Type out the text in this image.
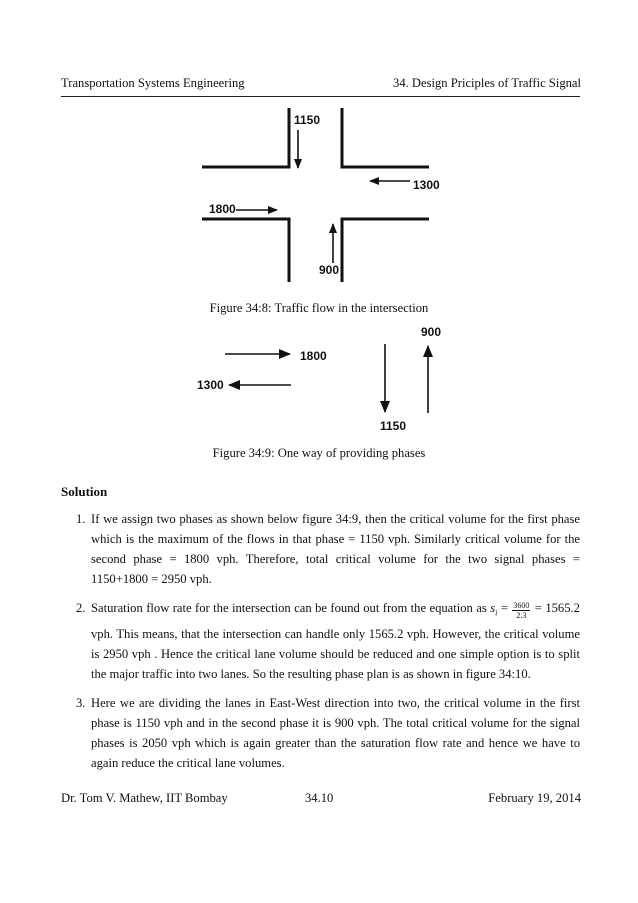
Transportation Systems Engineering	34. Design Priciples of Traffic Signal
1150
1300
1800
900
Figure 34:8: Traffic flow in the intersection
1800
1300
1150
900
Figure 34:9: One way of providing phases
Solution
1. If we assign two phases as shown below figure 34:9, then the critical volume for the first phase which is the maximum of the flows in that phase = 1150 vph. Similarly critical volume for the second phase = 1800 vph. Therefore, total critical volume for the two signal phases = 1150+1800 = 2950 vph.
2. Saturation flow rate for the intersection can be found out from the equation as $s_i = \frac{3600}{2.3} = 1565.2$ vph. This means, that the intersection can handle only 1565.2 vph. However, the critical volume is 2950 vph . Hence the critical lane volume should be reduced and one simple option is to split the major traffic into two lanes. So the resulting phase plan is as shown in figure 34:10.
3. Here we are dividing the lanes in East-West direction into two, the critical volume in the first phase is 1150 vph and in the second phase it is 900 vph. The total critical volume for the signal phases is 2050 vph which is again greater than the saturation flow rate and hence we have to again reduce the critical lane volumes.
Dr. Tom V. Mathew, IIT Bombay	34.10	February 19, 2014
